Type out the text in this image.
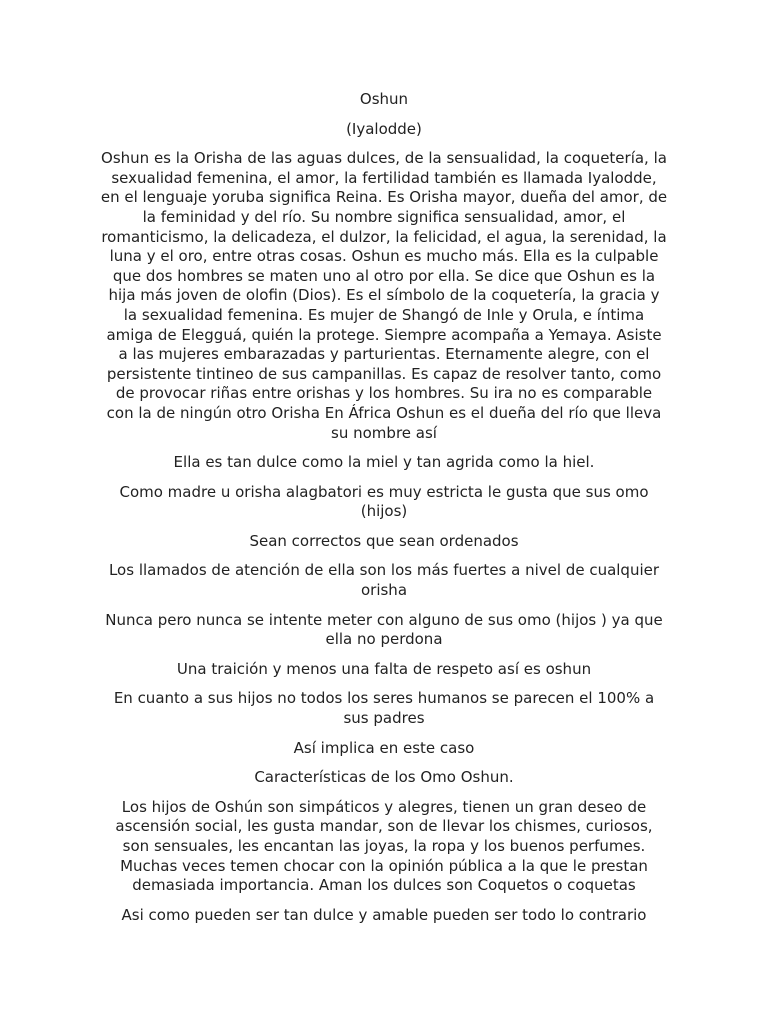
Oshun

(Iyalodde)

Oshun es la Orisha de las aguas dulces, de la sensualidad, la coquetería, la sexualidad femenina, el amor, la fertilidad también es llamada Iyalodde, en el lenguaje yoruba significa Reina. Es Orisha mayor, dueña del amor, de la feminidad y del río. Su nombre significa sensualidad, amor, el romanticismo, la delicadeza, el dulzor, la felicidad, el agua, la serenidad, la luna y el oro, entre otras cosas. Oshun es mucho más. Ella es la culpable que dos hombres se maten uno al otro por ella. Se dice que Oshun es la hija más joven de olofin (Dios). Es el símbolo de la coquetería, la gracia y la sexualidad femenina. Es mujer de Shangó de Inle y Orula, e íntima amiga de Elegguá, quién la protege. Siempre acompaña a Yemaya. Asiste a las mujeres embarazadas y parturientas. Eternamente alegre, con el persistente tintineo de sus campanillas. Es capaz de resolver tanto, como de provocar riñas entre orishas y los hombres. Su ira no es comparable con la de ningún otro Orisha En África Oshun es el dueña del río que lleva su nombre así

Ella es tan dulce como la miel y tan agrida como la hiel.

Como madre u orisha alagbatori es muy estricta le gusta que sus omo (hijos)

Sean correctos que sean ordenados

Los llamados de atención de ella son los más fuertes a nivel de cualquier orisha

Nunca pero nunca se intente meter con alguno de sus omo (hijos ) ya que ella no perdona

Una traición y menos una falta de respeto así es oshun

En cuanto a sus hijos no todos los seres humanos se parecen el 100% a sus padres

Así implica en este caso

Características de los Omo Oshun.

Los hijos de Oshún son simpáticos y alegres, tienen un gran deseo de ascensión social, les gusta mandar, son de llevar los chismes, curiosos, son sensuales, les encantan las joyas, la ropa y los buenos perfumes. Muchas veces temen chocar con la opinión pública a la que le prestan demasiada importancia. Aman los dulces son Coquetos o coquetas

Asi como pueden ser tan dulce y amable pueden ser todo lo contrario
